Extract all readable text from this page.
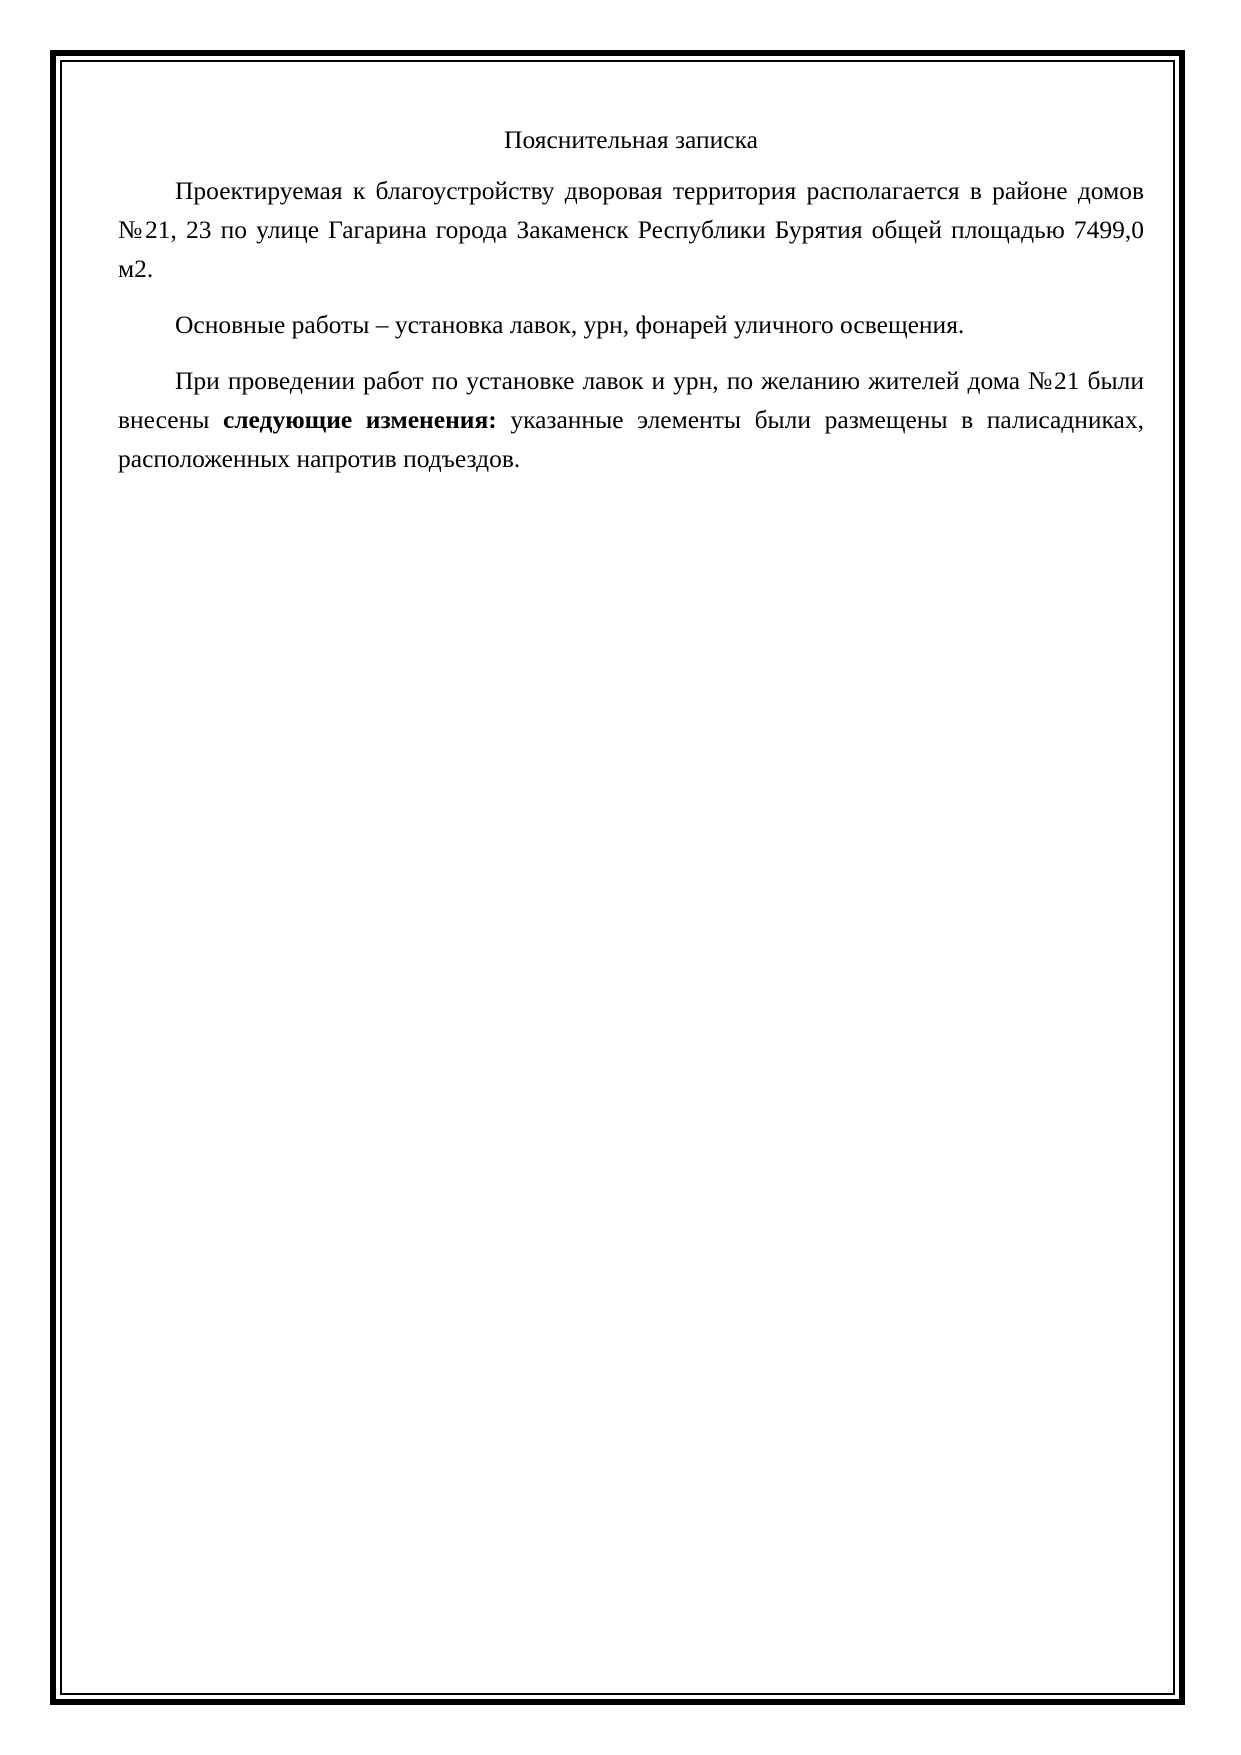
Пояснительная записка

Проектируемая к благоустройству дворовая территория располагается в районе домов №21, 23 по улице Гагарина города Закаменск Республики Бурятия общей площадью 7499,0 м2.

Основные работы – установка лавок, урн, фонарей уличного освещения.

При проведении работ по установке лавок и урн, по желанию жителей дома №21 были внесены следующие изменения: указанные элементы были размещены в палисадниках, расположенных напротив подъездов.
